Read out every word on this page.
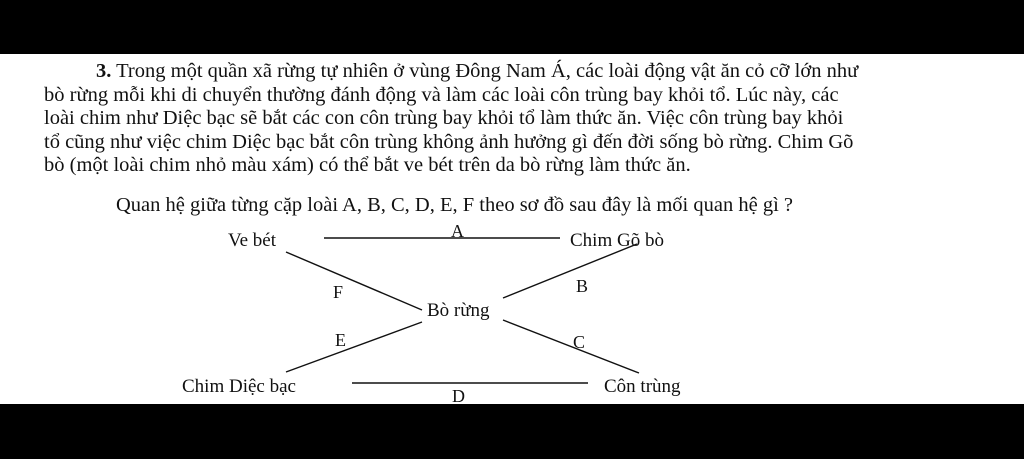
3. Trong một quần xã rừng tự nhiên ở vùng Đông Nam Á, các loài động vật ăn cỏ cỡ lớn như
bò rừng mỗi khi di chuyển thường đánh động và làm các loài côn trùng bay khỏi tổ. Lúc này, các
loài chim như Diệc bạc sẽ bắt các con côn trùng bay khỏi tổ làm thức ăn. Việc côn trùng bay khỏi
tổ cũng như việc chim Diệc bạc bắt côn trùng không ảnh hưởng gì đến đời sống bò rừng. Chim Gõ
bò (một loài chim nhỏ màu xám) có thể bắt ve bét trên da bò rừng làm thức ăn.
Quan hệ giữa từng cặp loài A, B, C, D, E, F theo sơ đồ sau đây là mối quan hệ gì ?
Ve bét	Chim Gõ bò
Bò rừng
Chim Diệc bạc	Côn trùng
A
B
C
D
E
F
